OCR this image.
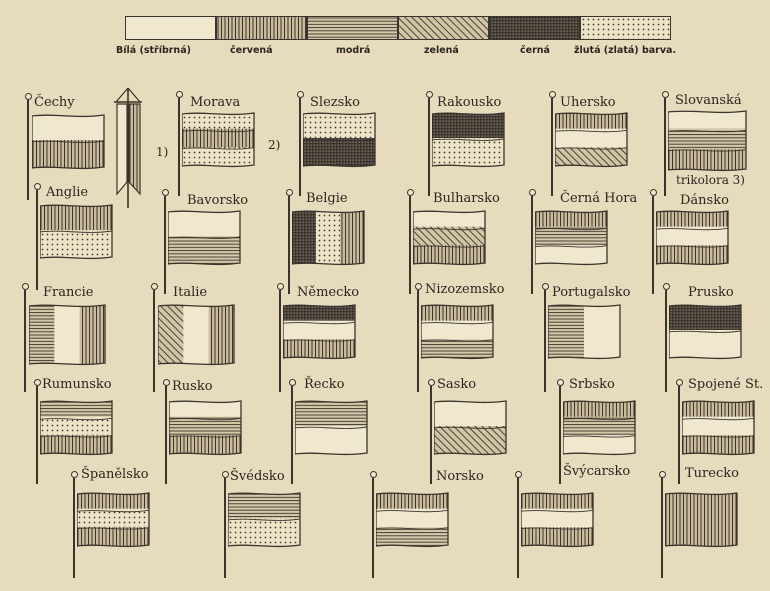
Bílá (stříbrná)	červená	modrá	zelená	černá	žlutá (zlatá) barva.
Čechy	Morava	Slezsko	Rakousko	Uhersko	Slovanská
Anglie
Bavorsko	Belgie	Bulharsko	Černá Hora	Dánsko
Francie	Italie	Německo	Nizozemsko	Portugalsko	Prusko
Rumunsko	Rusko	Řecko	Sasko	Srbsko	Spojené St.
Španělsko	Švédsko	Norsko	Švýcarsko	Turecko
1)	2)
trikolora 3)
